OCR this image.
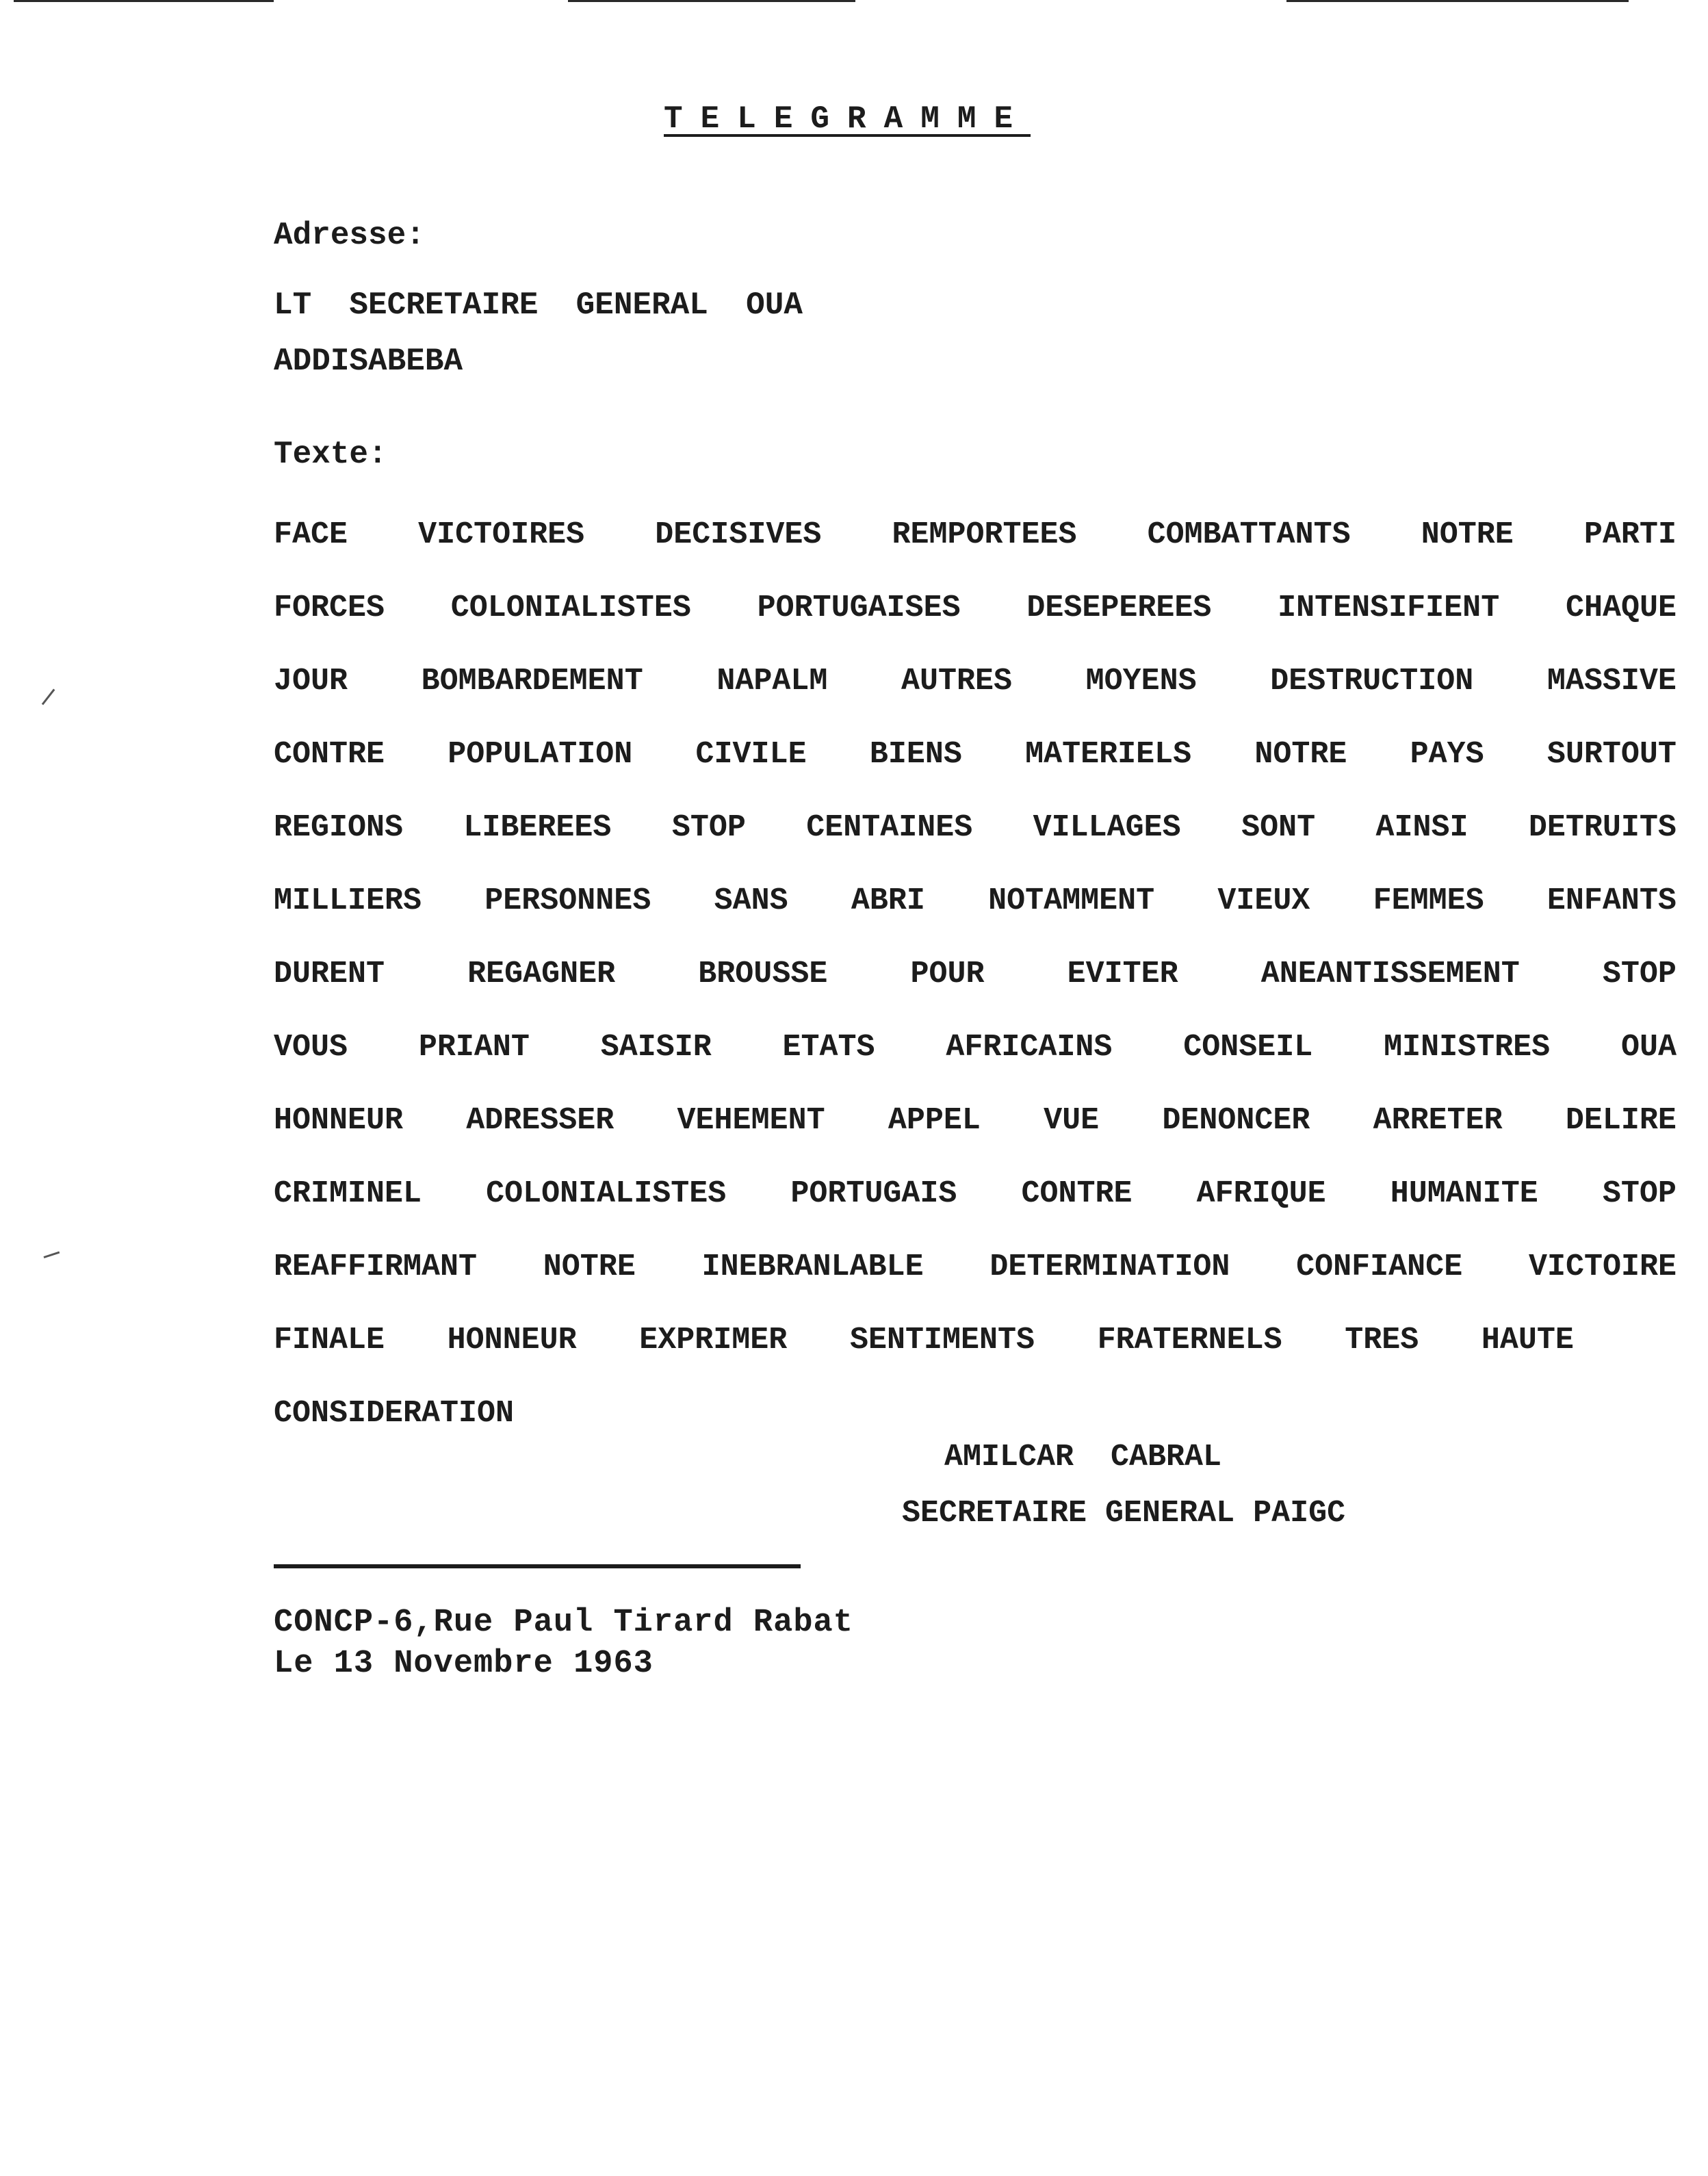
TELEGRAMME
Adresse:
LT  SECRETAIRE  GENERAL  OUA
ADDISABEBA
Texte:
FACE VICTOIRES DECISIVES REMPORTEES COMBATTANTS NOTRE PARTI
FORCES COLONIALISTES PORTUGAISES DESEPEREES INTENSIFIENT CHAQUE
JOUR BOMBARDEMENT NAPALM AUTRES MOYENS DESTRUCTION MASSIVE
CONTRE POPULATION CIVILE BIENS MATERIELS NOTRE PAYS SURTOUT
REGIONS LIBEREES STOP CENTAINES VILLAGES SONT AINSI DETRUITS
MILLIERS PERSONNES SANS ABRI NOTAMMENT VIEUX FEMMES ENFANTS
DURENT	REGAGNER	BROUSSE	POUR	EVITER	ANEANTISSEMENT	STOP
VOUS PRIANT SAISIR ETATS AFRICAINS CONSEIL MINISTRES OUA
HONNEUR ADRESSER VEHEMENT APPEL VUE DENONCER ARRETER DELIRE
CRIMINEL COLONIALISTES PORTUGAIS CONTRE AFRIQUE HUMANITE STOP
REAFFIRMANT NOTRE INEBRANLABLE DETERMINATION CONFIANCE VICTOIRE
FINALE HONNEUR EXPRIMER SENTIMENTS FRATERNELS TRES HAUTE
CONSIDERATION
AMILCAR  CABRAL
SECRETAIRE GENERAL PAIGC
CONCP-6,Rue Paul Tirard Rabat
Le 13 Novembre 1963
